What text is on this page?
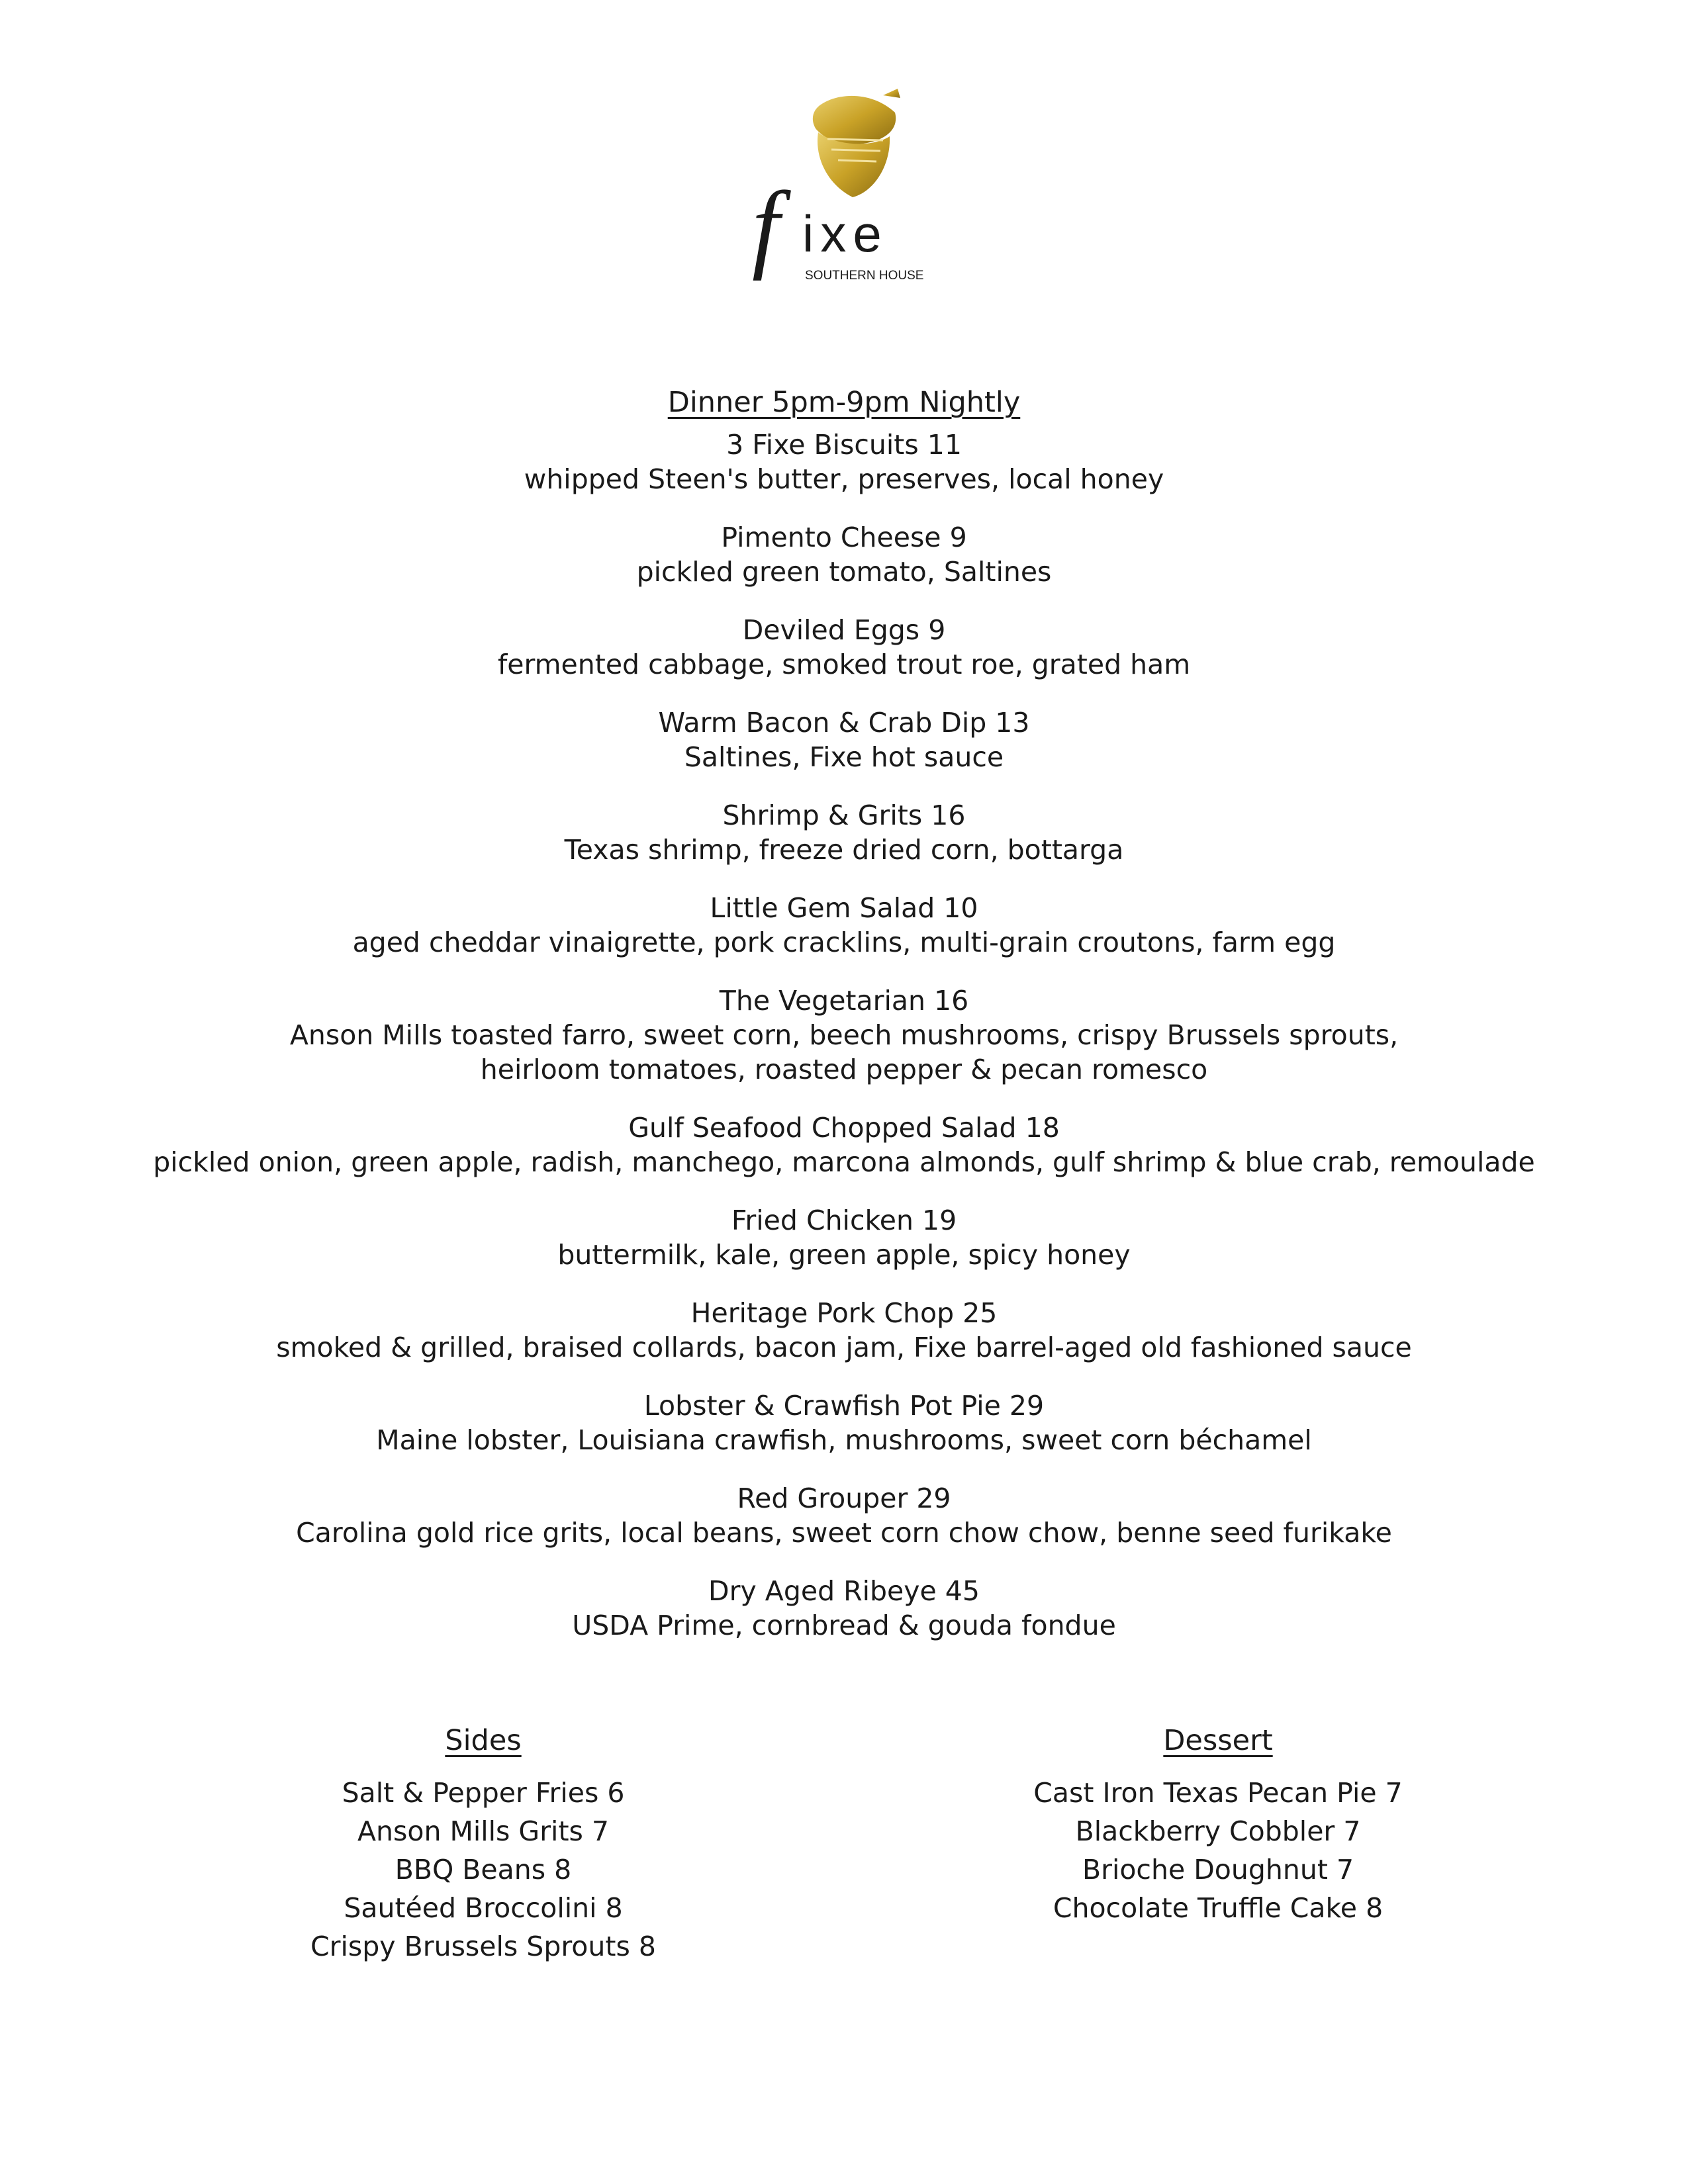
f ixe
SOUTHERN HOUSE
Dinner 5pm-9pm Nightly
3 Fixe Biscuits 11
whipped Steen's butter, preserves, local honey
Pimento Cheese 9
pickled green tomato, Saltines
Deviled Eggs 9
fermented cabbage, smoked trout roe, grated ham
Warm Bacon & Crab Dip 13
Saltines, Fixe hot sauce
Shrimp & Grits 16
Texas shrimp, freeze dried corn, bottarga
Little Gem Salad 10
aged cheddar vinaigrette, pork cracklins, multi-grain croutons, farm egg
The Vegetarian 16
Anson Mills toasted farro, sweet corn, beech mushrooms, crispy Brussels sprouts,
heirloom tomatoes, roasted pepper & pecan romesco
Gulf Seafood Chopped Salad 18
pickled onion, green apple, radish, manchego, marcona almonds, gulf shrimp & blue crab, remoulade
Fried Chicken 19
buttermilk, kale, green apple, spicy honey
Heritage Pork Chop 25
smoked & grilled, braised collards, bacon jam, Fixe barrel-aged old fashioned sauce
Lobster & Crawfish Pot Pie 29
Maine lobster, Louisiana crawfish, mushrooms, sweet corn béchamel
Red Grouper 29
Carolina gold rice grits, local beans, sweet corn chow chow, benne seed furikake
Dry Aged Ribeye 45
USDA Prime, cornbread & gouda fondue
Sides
Salt & Pepper Fries 6
Anson Mills Grits 7
BBQ Beans 8
Sautéed Broccolini 8
Crispy Brussels Sprouts 8
Dessert
Cast Iron Texas Pecan Pie 7
Blackberry Cobbler 7
Brioche Doughnut 7
Chocolate Truffle Cake 8
